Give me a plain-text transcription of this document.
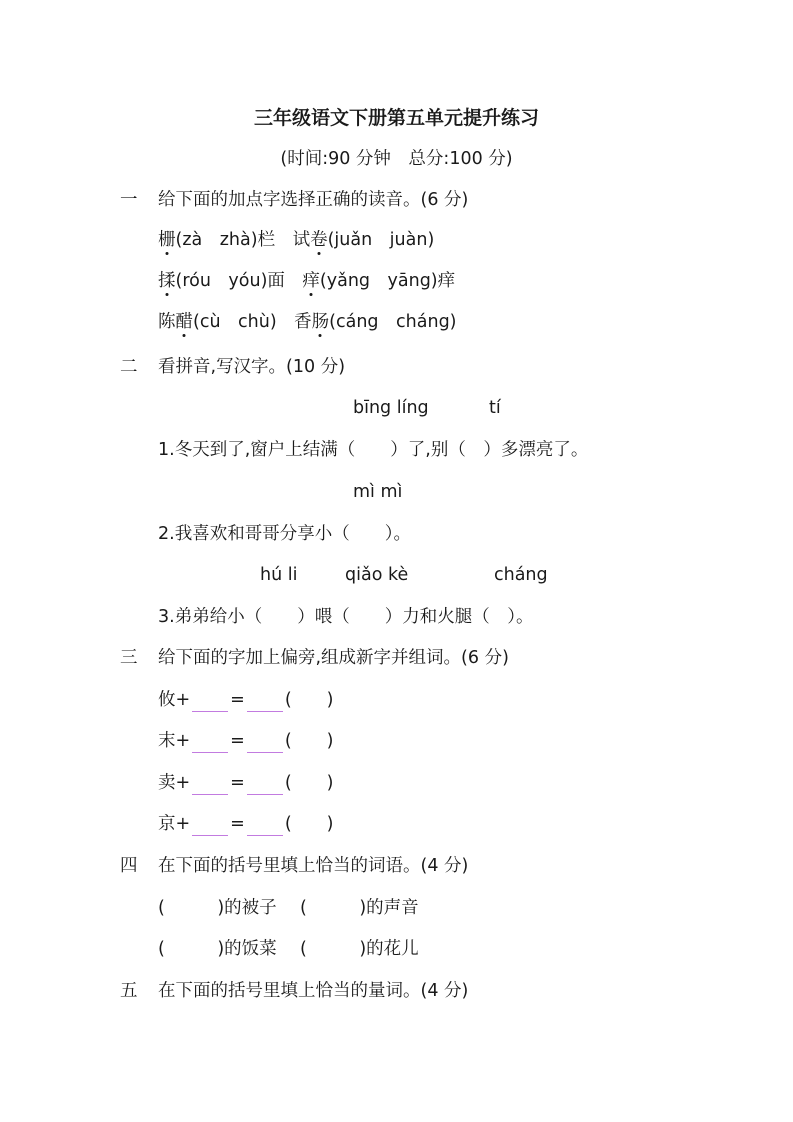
三年级语文下册第五单元提升练习
(时间:90 分钟　总分:100 分)
一 给下面的加点字选择正确的读音。(6 分)
栅(zà　zhà)栏　试卷(juǎn　juàn)
揉(róu　yóu)面　痒(yǎng　yāng)痒
陈醋(cù　chù)　香肠(cáng　cháng)
二 看拼音,写汉字。(10 分)
bīng líng	tí
1.冬天到了,窗户上结满（　　）了,别（　）多漂亮了。
mì mì
2.我喜欢和哥哥分享小（　　）。
hú li	qiǎo kè	cháng
3.弟弟给小（　　）喂（　　）力和火腿（　）。
三 给下面的字加上偏旁,组成新字并组词。(6 分)
攸+ = (　　)
末+ = (　　)
卖+ = (　　)
京+ = (　　)
四 在下面的括号里填上恰当的词语。(4 分)
(　　　)的被子 (　　　)的声音
(　　　)的饭菜 (　　　)的花儿
五 在下面的括号里填上恰当的量词。(4 分)
